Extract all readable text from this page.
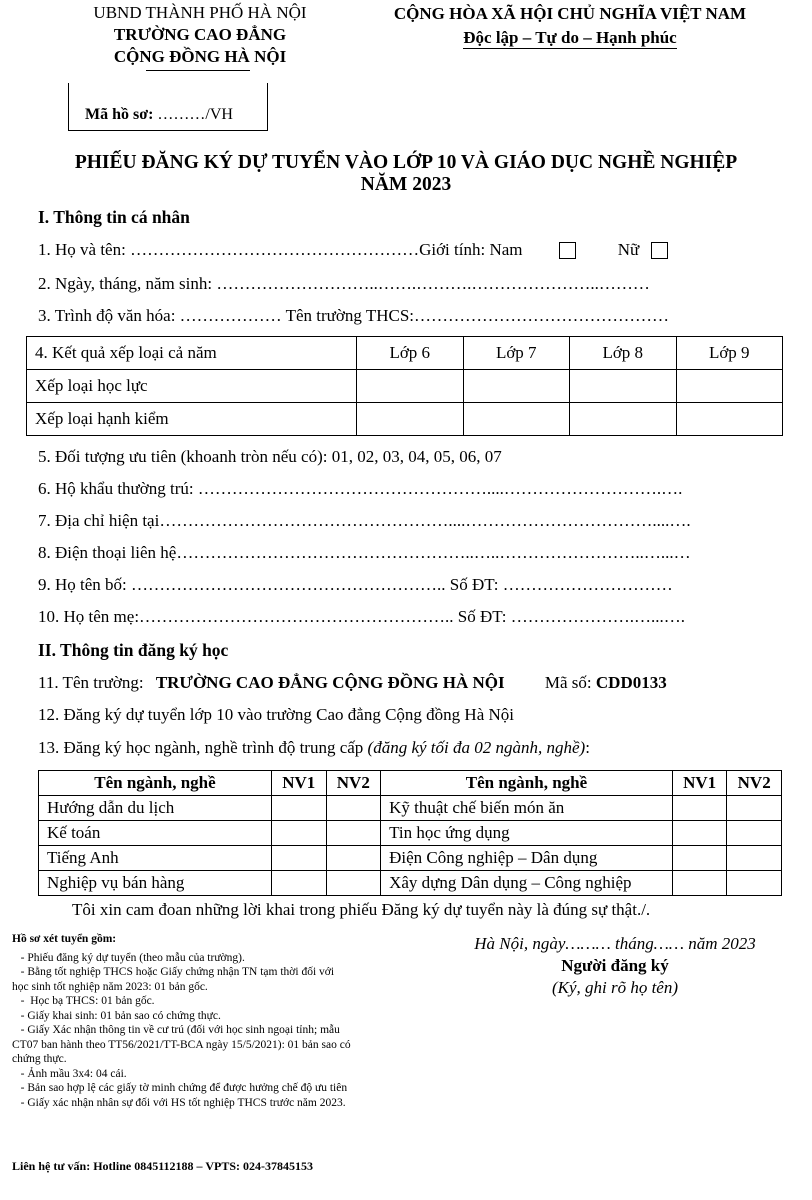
UBND THÀNH PHỐ HÀ NỘI
TRƯỜNG CAO ĐẲNG
CỘNG ĐỒNG HÀ NỘI
CỘNG HÒA XÃ HỘI CHỦ NGHĨA VIỆT NAM
Độc lập – Tự do – Hạnh phúc
Mã hồ sơ: ………/VH
PHIẾU ĐĂNG KÝ DỰ TUYỂN VÀO LỚP 10 VÀ GIÁO DỤC NGHỀ NGHIỆP
NĂM 2023
I. Thông tin cá nhân
1. Họ và tên: ……………………………………………Giới tính: Nam	Nữ
2. Ngày, tháng, năm sinh: ………………………..…….……….…………………..………
3. Trình độ văn hóa: ……………… Tên trường THCS:………………………………………
4. Kết quả xếp loại cả năm	Lớp 6	Lớp 7	Lớp 8	Lớp 9
Xếp loại học lực				
Xếp loại hạnh kiểm				
5. Đối tượng ưu tiên (khoanh tròn nếu có): 01, 02, 03, 04, 05, 06, 07
6. Hộ khẩu thường trú: ……………………………………………....……………………….….
7. Địa chỉ hiện tại……………………………………………....……………………………....….
8. Điện thoại liên hệ……………………………………………..…..……………………..…...…
9. Họ tên bố: ……………………………………………….. Số ĐT: …………………………
10. Họ tên mẹ:……………………………………………….. Số ĐT: ………………….…...….
II. Thông tin đăng ký học
11. Tên trường: TRƯỜNG CAO ĐẲNG CỘNG ĐỒNG HÀ NỘI Mã số: CDD0133
12. Đăng ký dự tuyển lớp 10 vào trường Cao đẳng Cộng đồng Hà Nội
13. Đăng ký học ngành, nghề trình độ trung cấp (đăng ký tối đa 02 ngành, nghề):
Tên ngành, nghề	NV1	NV2	Tên ngành, nghề	NV1	NV2
Hướng dẫn du lịch			Kỹ thuật chế biến món ăn		
Kế toán			Tin học ứng dụng		
Tiếng Anh			Điện Công nghiệp – Dân dụng		
Nghiệp vụ bán hàng			Xây dựng Dân dụng – Công nghiệp		
Tôi xin cam đoan những lời khai trong phiếu Đăng ký dự tuyển này là đúng sự thật./.
Hồ sơ xét tuyển gồm:
- Phiếu đăng ký dự tuyển (theo mẫu của trường).
- Bằng tốt nghiệp THCS hoặc Giấy chứng nhận TN tạm thời đối với
học sinh tốt nghiệp năm 2023: 01 bản gốc.
-  Học bạ THCS: 01 bản gốc.
- Giấy khai sinh: 01 bản sao có chứng thực.
- Giấy Xác nhận thông tin về cư trú (đối với học sinh ngoại tỉnh; mẫu
CT07 ban hành theo TT56/2021/TT-BCA ngày 15/5/2021): 01 bản sao có
chứng thực.
- Ảnh mầu 3x4: 04 cái.
- Bản sao hợp lệ các giấy tờ minh chứng để được hưởng chế độ ưu tiên
- Giấy xác nhận nhân sự đối với HS tốt nghiệp THCS trước năm 2023.
Liên hệ tư vấn: Hotline 0845112188 – VPTS: 024-37845153
Hà Nội, ngày……… tháng…… năm 2023
Người đăng ký
(Ký, ghi rõ họ tên)
